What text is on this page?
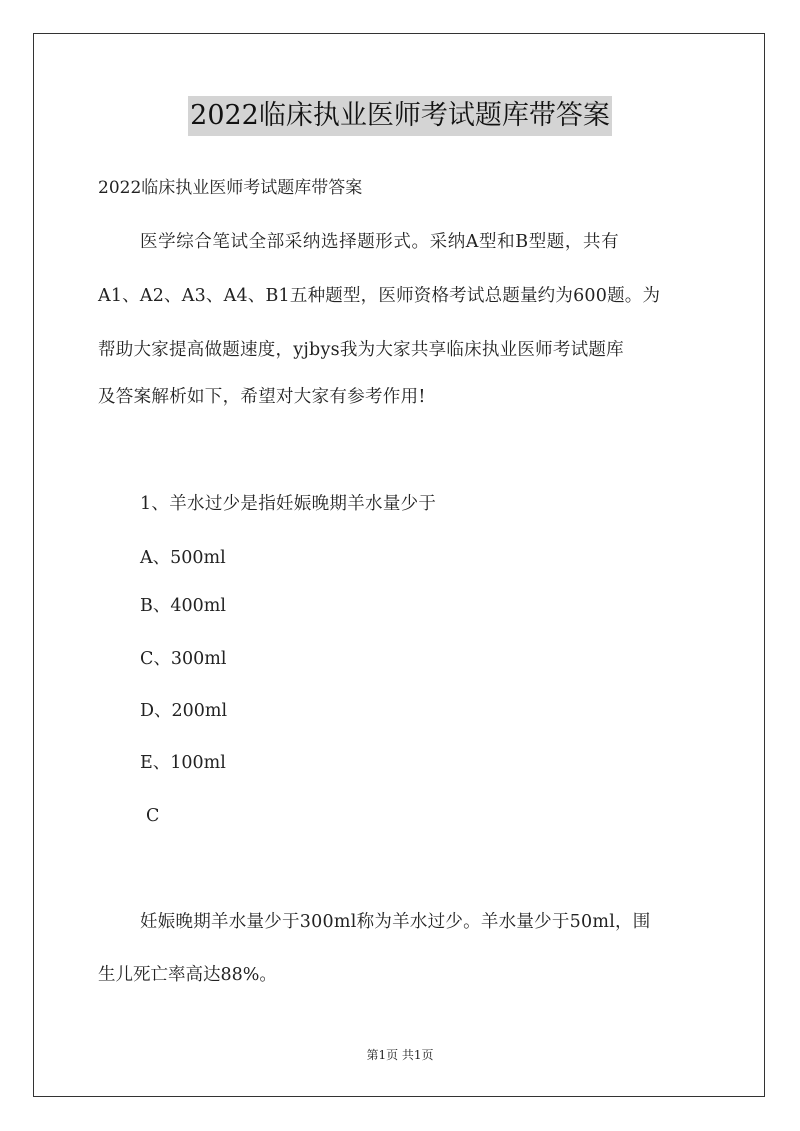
2022临床执业医师考试题库带答案
2022临床执业医师考试题库带答案
医学综合笔试全部采纳选择题形式。采纳A型和B型题，共有
A1、A2、A3、A4、B1五种题型，医师资格考试总题量约为600题。为
帮助大家提高做题速度，yjbys我为大家共享临床执业医师考试题库
及答案解析如下，希望对大家有参考作用!
1、羊水过少是指妊娠晚期羊水量少于
A、500ml
B、400ml
C、300ml
D、200ml
E、100ml
C
妊娠晚期羊水量少于300ml称为羊水过少。羊水量少于50ml，围
生儿死亡率高达88%。
第1页 共1页
